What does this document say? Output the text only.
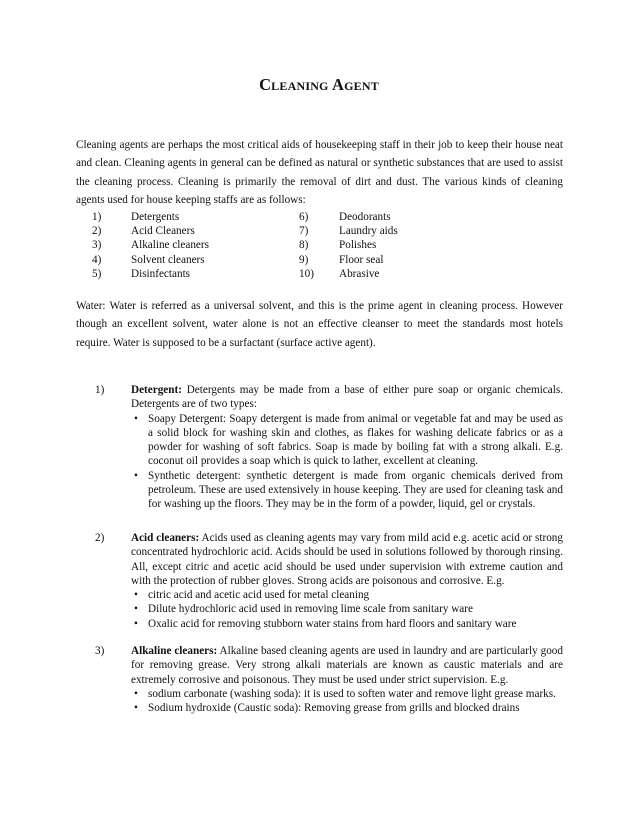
Cleaning Agent

Cleaning agents are perhaps the most critical aids of housekeeping staff in their job to keep their house neat and clean. Cleaning agents in general can be defined as natural or synthetic substances that are used to assist the cleaning process. Cleaning is primarily the removal of dirt and dust. The various kinds of cleaning agents used for house keeping staffs are as follows:

1)
2)
3)
4)
5)
Detergents
Acid Cleaners
Alkaline cleaners
Solvent cleaners
Disinfectants
6)
7)
8)
9)
10)
Deodorants
Laundry aids
Polishes
Floor seal
Abrasive

Water: Water is referred as a universal solvent, and this is the prime agent in cleaning process. However though an excellent solvent, water alone is not an effective cleanser to meet the standards most hotels require. Water is supposed to be a surfactant (surface active agent).

1) Detergent: Detergents may be made from a base of either pure soap or organic chemicals. Detergents are of two types:

• Soapy Detergent: Soapy detergent is made from animal or vegetable fat and may be used as a solid block for washing skin and clothes, as flakes for washing delicate fabrics or as a powder for washing of soft fabrics. Soap is made by boiling fat with a strong alkali. E.g. coconut oil provides a soap which is quick to lather, excellent at cleaning.
• Synthetic detergent: synthetic detergent is made from organic chemicals derived from petroleum. These are used extensively in house keeping. They are used for cleaning task and for washing up the floors. They may be in the form of a powder, liquid, gel or crystals.
2) Acid cleaners: Acids used as cleaning agents may vary from mild acid e.g. acetic acid or strong concentrated hydrochloric acid. Acids should be used in solutions followed by thorough rinsing. All, except citric and acetic acid should be used under supervision with extreme caution and with the protection of rubber gloves. Strong acids are poisonous and corrosive. E.g.

• citric acid and acetic acid used for metal cleaning
• Dilute hydrochloric acid used in removing lime scale from sanitary ware
• Oxalic acid for removing stubborn water stains from hard floors and sanitary ware
3) Alkaline cleaners: Alkaline based cleaning agents are used in laundry and are particularly good for removing grease. Very strong alkali materials are known as caustic materials and are extremely corrosive and poisonous. They must be used under strict supervision. E.g.

• sodium carbonate (washing soda): it is used to soften water and remove light grease marks.
• Sodium hydroxide (Caustic soda): Removing grease from grills and blocked drains
